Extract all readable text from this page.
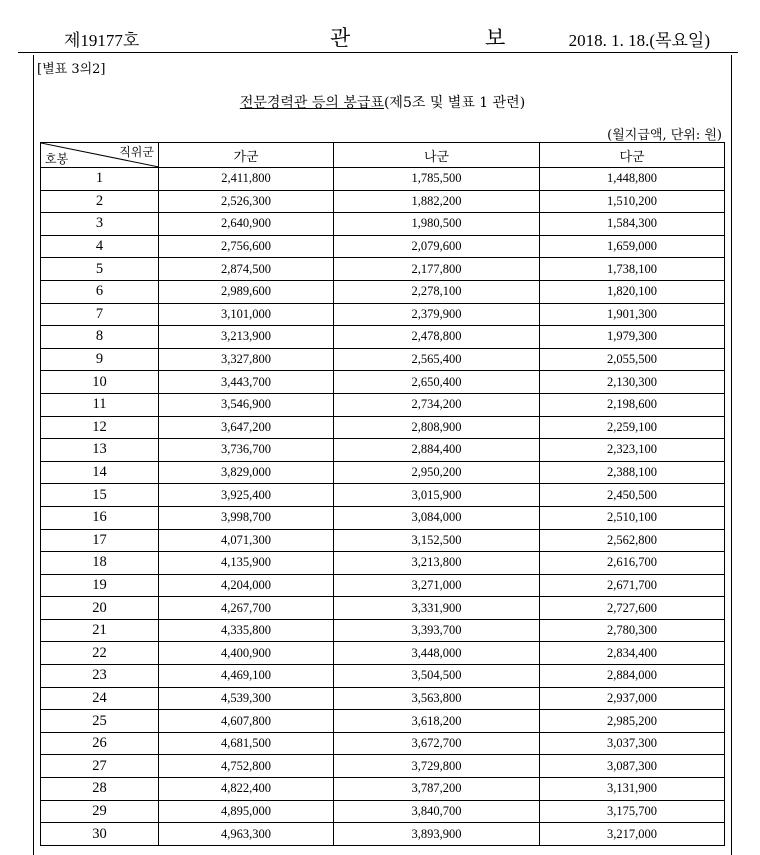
제19177호	관 보 2018. 1. 18.(목요일)
[별표 3의2]
전문경력관 등의 봉급표(제5조 및 별표 1 관련)
(월지급액, 단위: 원)
직위군
호봉	가군	나군	다군
1	2,411,800	1,785,500	1,448,800
2	2,526,300	1,882,200	1,510,200
3	2,640,900	1,980,500	1,584,300
4	2,756,600	2,079,600	1,659,000
5	2,874,500	2,177,800	1,738,100
6	2,989,600	2,278,100	1,820,100
7	3,101,000	2,379,900	1,901,300
8	3,213,900	2,478,800	1,979,300
9	3,327,800	2,565,400	2,055,500
10	3,443,700	2,650,400	2,130,300
11	3,546,900	2,734,200	2,198,600
12	3,647,200	2,808,900	2,259,100
13	3,736,700	2,884,400	2,323,100
14	3,829,000	2,950,200	2,388,100
15	3,925,400	3,015,900	2,450,500
16	3,998,700	3,084,000	2,510,100
17	4,071,300	3,152,500	2,562,800
18	4,135,900	3,213,800	2,616,700
19	4,204,000	3,271,000	2,671,700
20	4,267,700	3,331,900	2,727,600
21	4,335,800	3,393,700	2,780,300
22	4,400,900	3,448,000	2,834,400
23	4,469,100	3,504,500	2,884,000
24	4,539,300	3,563,800	2,937,000
25	4,607,800	3,618,200	2,985,200
26	4,681,500	3,672,700	3,037,300
27	4,752,800	3,729,800	3,087,300
28	4,822,400	3,787,200	3,131,900
29	4,895,000	3,840,700	3,175,700
30	4,963,300	3,893,900	3,217,000
